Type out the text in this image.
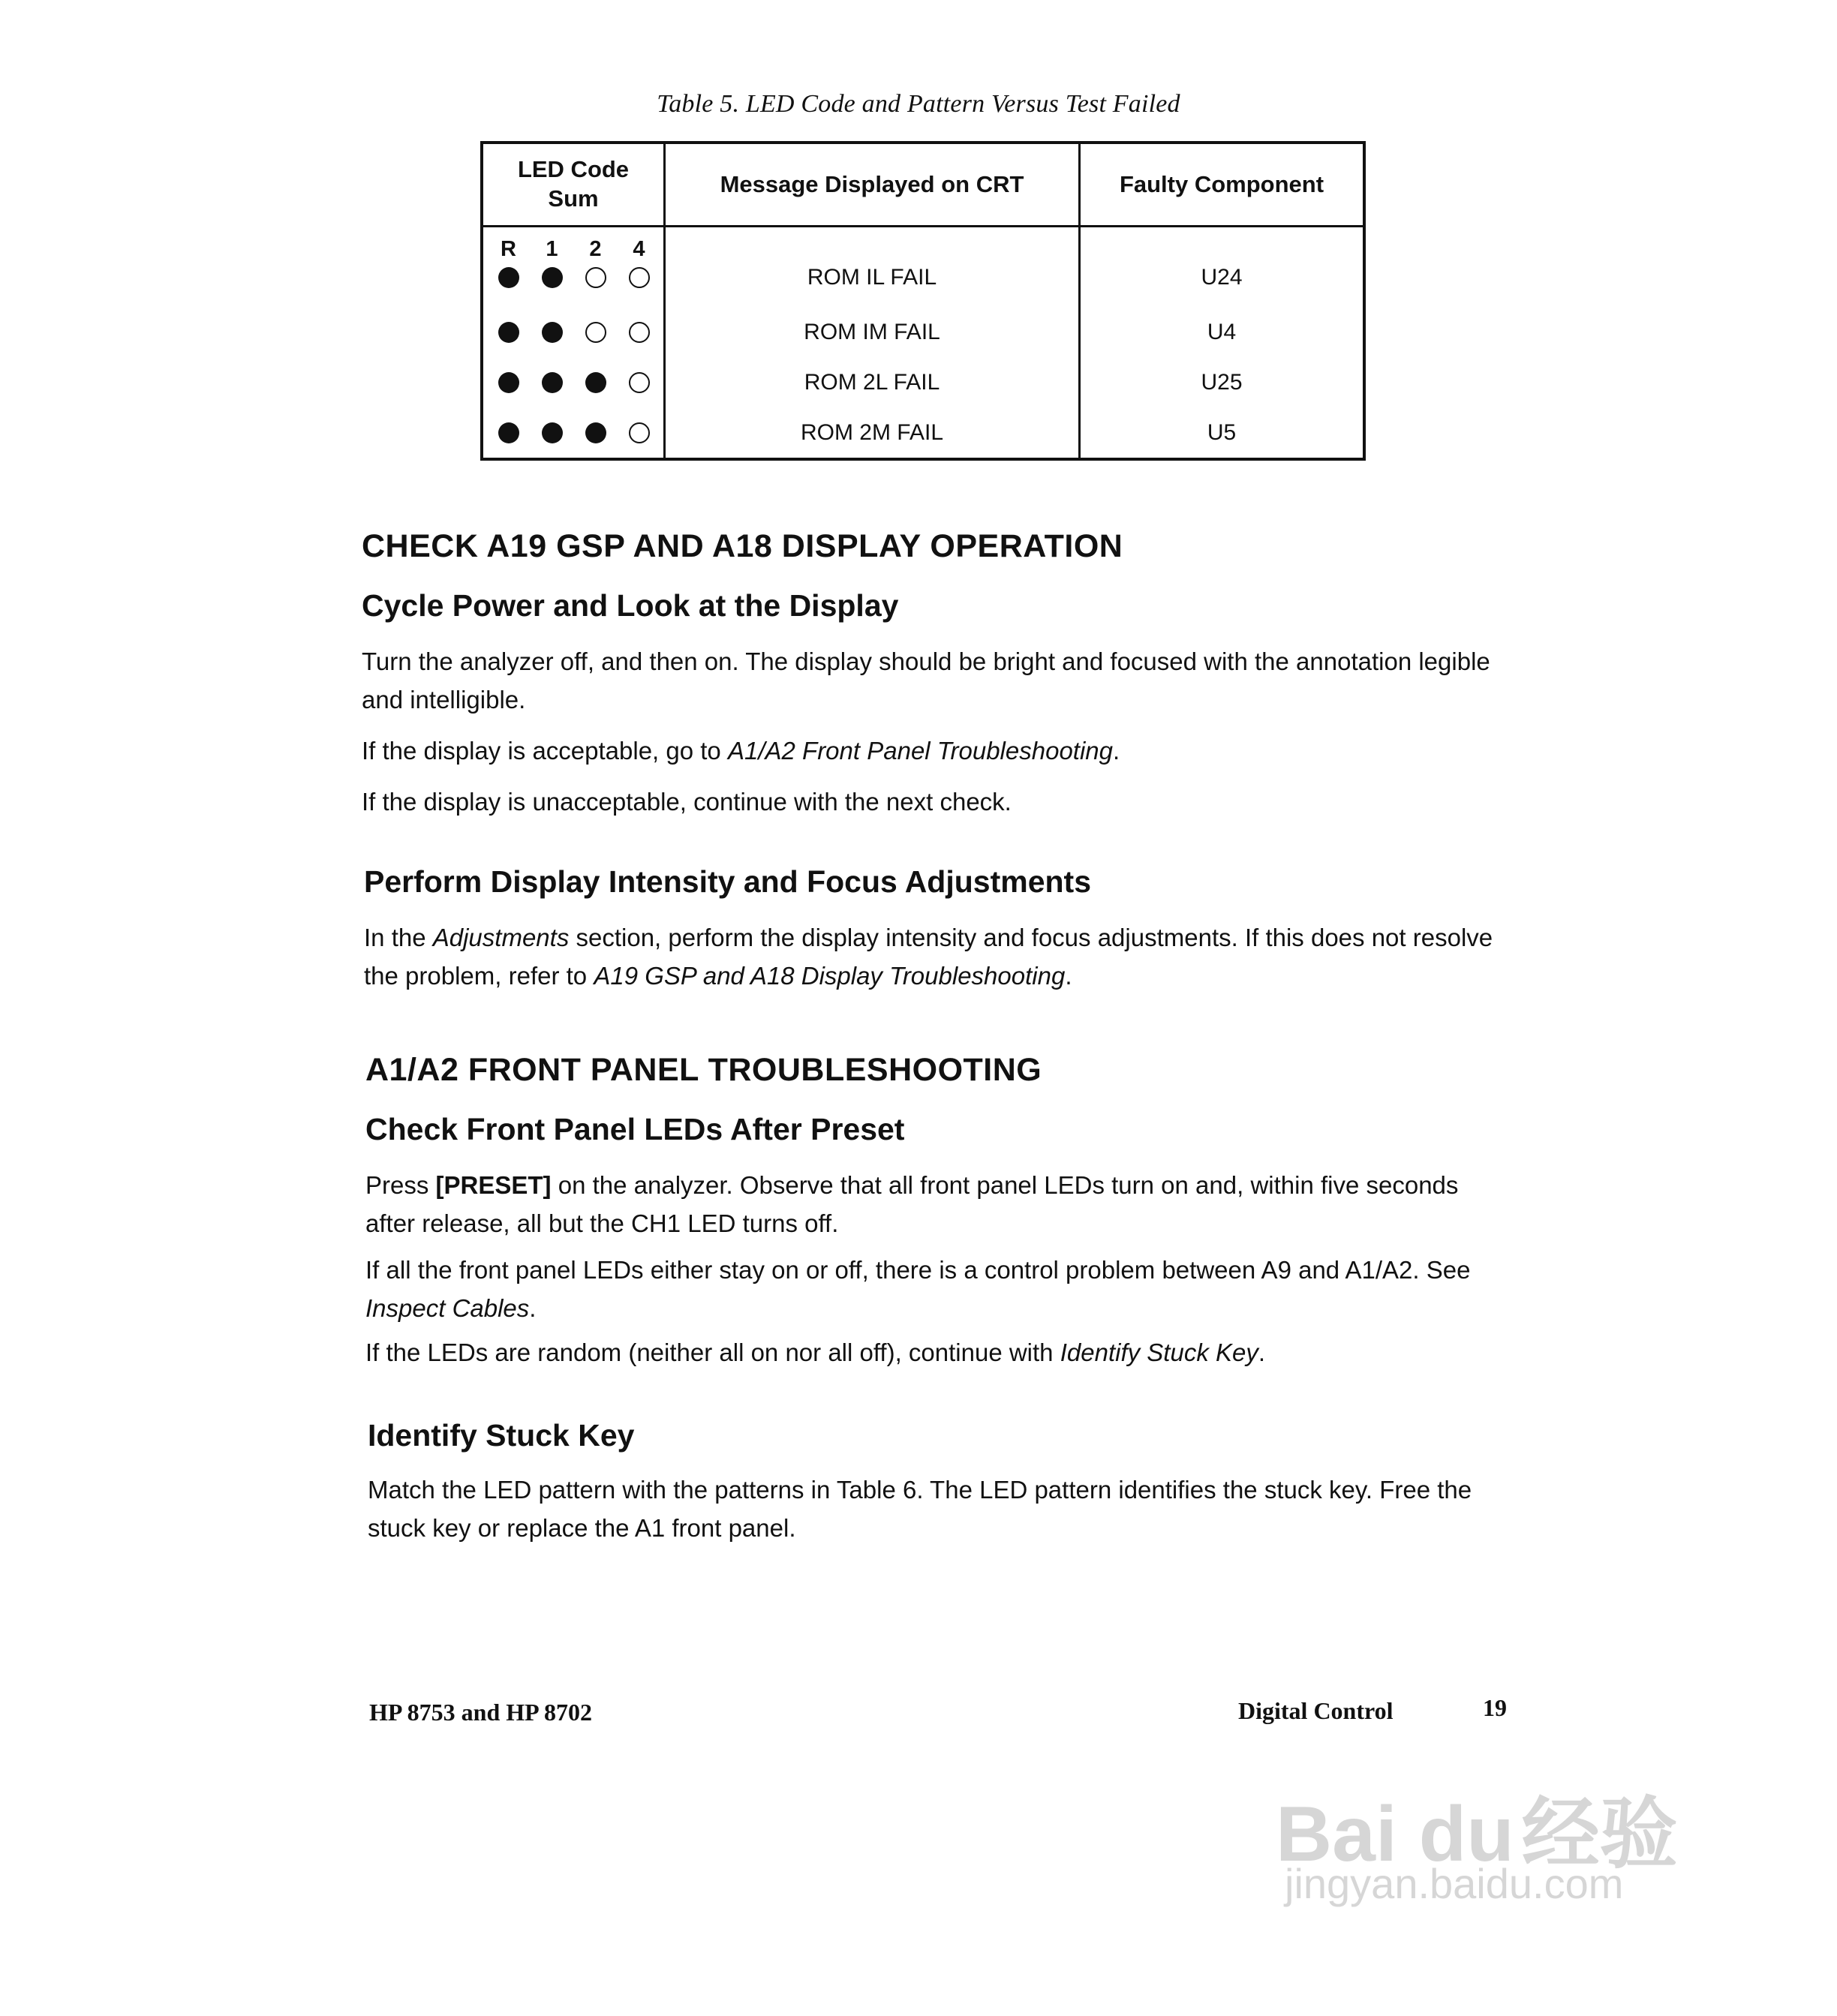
Table 5. LED Code and Pattern Versus Test Failed
LED Code
Sum	Message Displayed on CRT	Faulty Component

	ROM IL FAIL	U24

	ROM IM FAIL	U4

	ROM 2L FAIL	U25

	ROM 2M FAIL	U5
R 1 2 4
CHECK A19 GSP AND A18 DISPLAY OPERATION
Cycle Power and Look at the Display
Turn the analyzer off, and then on. The display should be bright and focused with the annotation legible and intelligible.
If the display is acceptable, go to A1/A2 Front Panel Troubleshooting.
If the display is unacceptable, continue with the next check.
Perform Display Intensity and Focus Adjustments
In the Adjustments section, perform the display intensity and focus adjustments. If this does not resolve the problem, refer to A19 GSP and A18 Display Troubleshooting.
A1/A2 FRONT PANEL TROUBLESHOOTING
Check Front Panel LEDs After Preset
Press [PRESET] on the analyzer. Observe that all front panel LEDs turn on and, within five seconds after release, all but the CH1 LED turns off.
If all the front panel LEDs either stay on or off, there is a control problem between A9 and A1/A2. See Inspect Cables.
If the LEDs are random (neither all on nor all off), continue with Identify Stuck Key.
Identify Stuck Key
Match the LED pattern with the patterns in Table 6. The LED pattern identifies the stuck key. Free the stuck key or replace the A1 front panel.
HP 8753 and HP 8702	Digital Control	19
Bai du经验
jingyan.baidu.com
